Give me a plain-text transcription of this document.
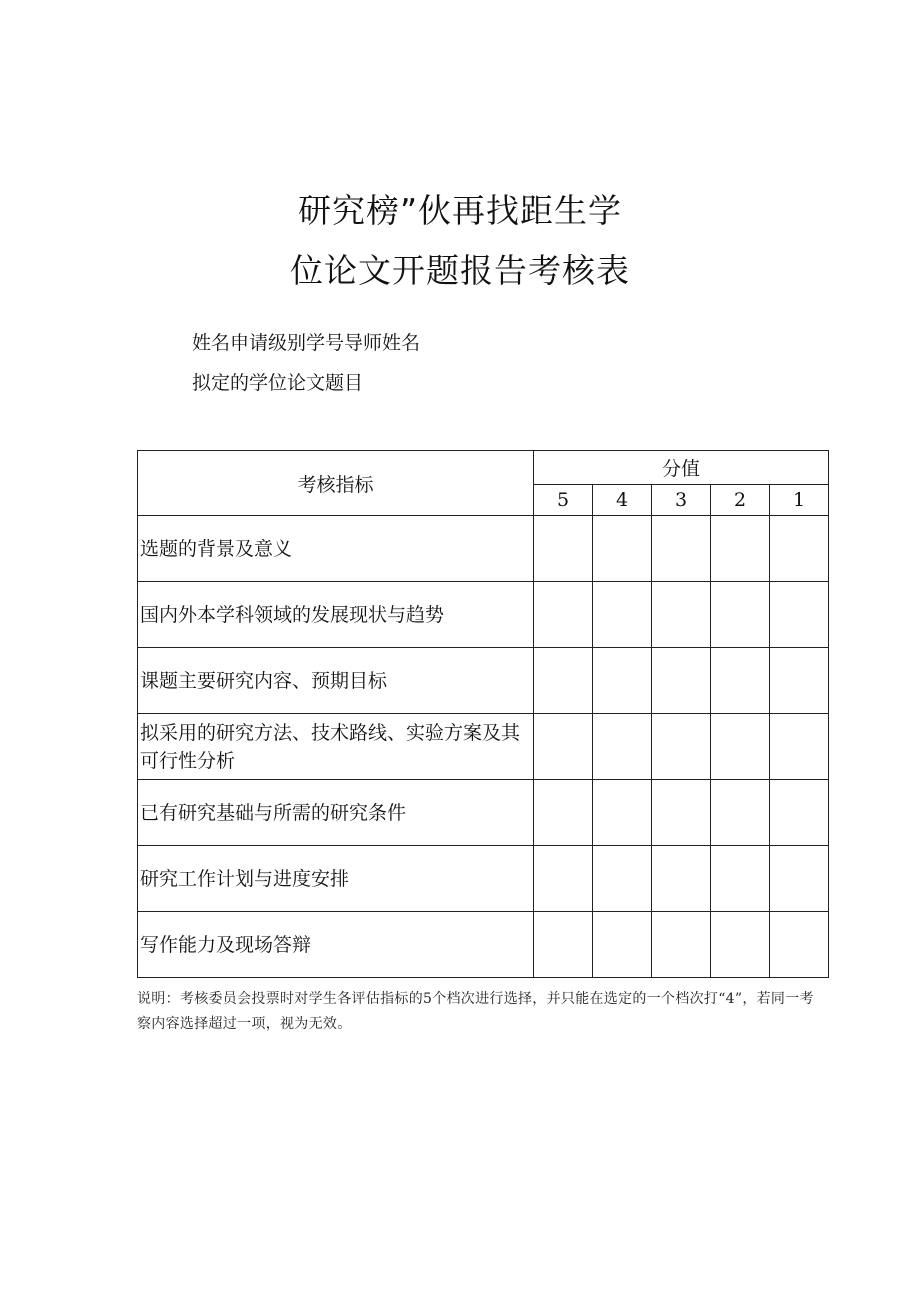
研究榜”伙再找距生学
位论文开题报告考核表
姓名申请级别学号导师姓名
拟定的学位论文题目
考核指标	分值				
	5	4	3	2	1
选题的背景及意义					
国内外本学科领域的发展现状与趋势					
课题主要研究内容、预期目标					
拟采用的研究方法、技术路线、实验方案及其可行性分析					
已有研究基础与所需的研究条件					
研究工作计划与进度安排					
写作能力及现场答辩					
说明：考核委员会投票时对学生各评估指标的5个档次进行选择，并只能在选定的一个档次打“4”，若同一考察内容选择超过一项，视为无效。
